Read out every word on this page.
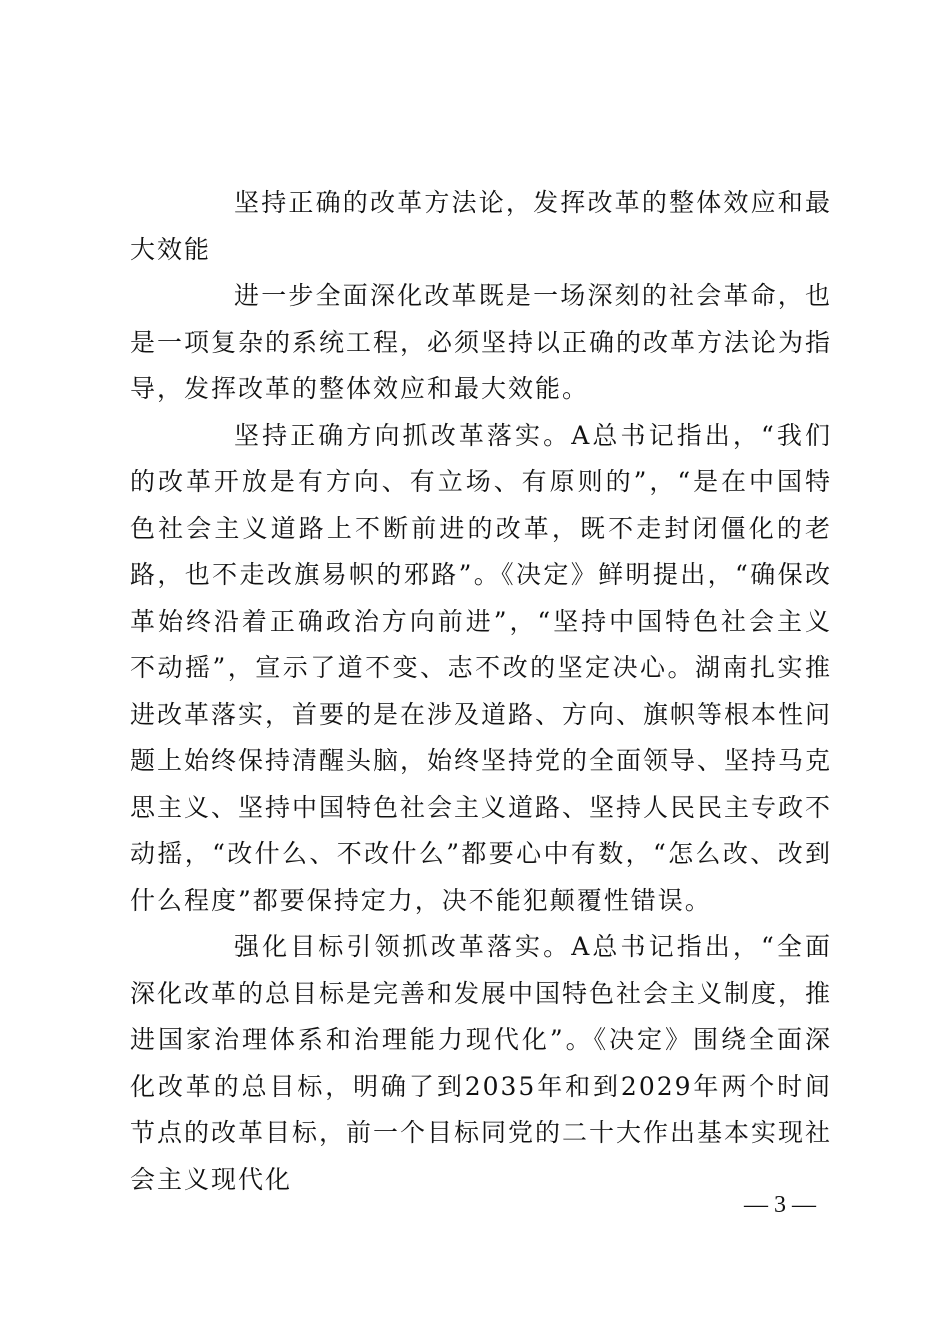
坚持正确的改革方法论，发挥改革的整体效应和最大效能

进一步全面深化改革既是一场深刻的社会革命，也是一项复杂的系统工程，必须坚持以正确的改革方法论为指导，发挥改革的整体效应和最大效能。

坚持正确方向抓改革落实。A总书记指出，“我们的改革开放是有方向、有立场、有原则的”，“是在中国特色社会主义道路上不断前进的改革，既不走封闭僵化的老路，也不走改旗易帜的邪路”。《决定》鲜明提出，“确保改革始终沿着正确政治方向前进”，“坚持中国特色社会主义不动摇”，宣示了道不变、志不改的坚定决心。湖南扎实推进改革落实，首要的是在涉及道路、方向、旗帜等根本性问题上始终保持清醒头脑，始终坚持党的全面领导、坚持马克思主义、坚持中国特色社会主义道路、坚持人民民主专政不动摇，“改什么、不改什么”都要心中有数，“怎么改、改到什么程度”都要保持定力，决不能犯颠覆性错误。

强化目标引领抓改革落实。A总书记指出，“全面深化改革的总目标是完善和发展中国特色社会主义制度，推进国家治理体系和治理能力现代化”。《决定》围绕全面深化改革的总目标，明确了到2035年和到2029年两个时间节点的改革目标，前一个目标同党的二十大作出基本实现社会主义现代化

— 3 —
